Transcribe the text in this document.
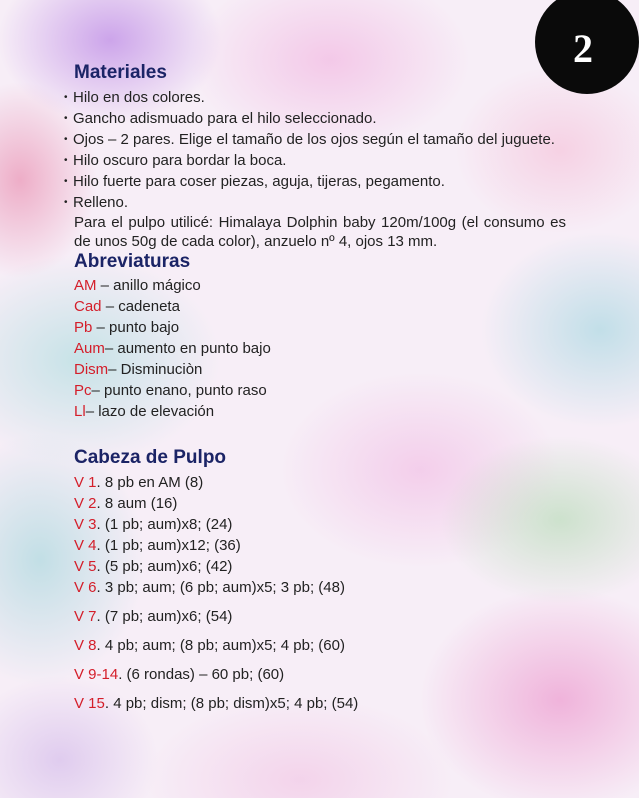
2
Materiales
• Hilo en dos colores.
• Gancho adismuado para el hilo seleccionado.
• Ojos – 2 pares. Elige el tamaño de los ojos según el tamaño del juguete.
• Hilo oscuro para bordar la boca.
• Hilo fuerte para coser piezas, aguja, tijeras, pegamento.
• Relleno.

Para el pulpo utilicé: Himalaya Dolphin baby 120m/100g (el consumo es de unos 50g de cada color), anzuelo nº 4, ojos 13 mm.

Abreviaturas
AM – anillo mágico
Cad – cadeneta
Pb – punto bajo
Aum– aumento en punto bajo
Dism– Disminuciòn
Pc– punto enano, punto raso
Ll– lazo de elevación
Cabeza de Pulpo
V 1. 8 pb en AM (8)
V 2. 8 aum (16)
V 3. (1 pb; aum)x8; (24)
V 4. (1 pb; aum)x12; (36)
V 5. (5 pb; aum)x6; (42)
V 6. 3 pb; aum; (6 pb; aum)x5; 3 pb; (48)
V 7. (7 pb; aum)x6; (54)
V 8. 4 pb; aum; (8 pb; aum)x5; 4 pb; (60)
V 9-14. (6 rondas) – 60 pb; (60)
V 15. 4 pb; dism; (8 pb; dism)x5; 4 pb; (54)
